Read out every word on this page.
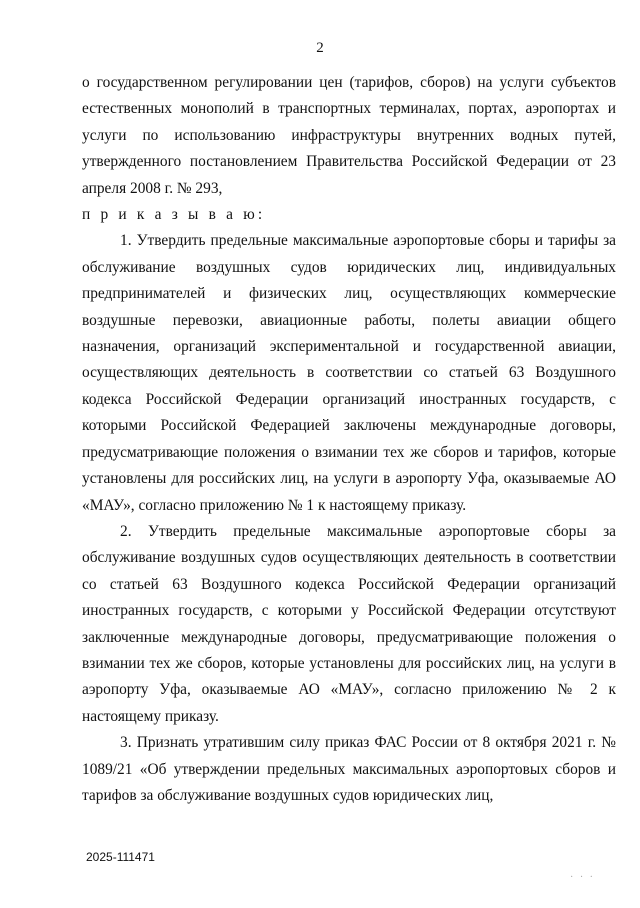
2

о государственном регулировании цен (тарифов, сборов) на услуги субъектов естественных монополий в транспортных терминалах, портах, аэропортах и услуги по использованию инфраструктуры внутренних водных путей, утвержденного постановлением Правительства Российской Федерации от 23 апреля 2008 г. № 293,

п р и к а з ы в а ю:

1. Утвердить предельные максимальные аэропортовые сборы и тарифы за обслуживание воздушных судов юридических лиц, индивидуальных предпринимателей и физических лиц, осуществляющих коммерческие воздушные перевозки, авиационные работы, полеты авиации общего назначения, организаций экспериментальной и государственной авиации, осуществляющих деятельность в соответствии со статьей 63 Воздушного кодекса Российской Федерации организаций иностранных государств, с которыми Российской Федерацией заключены международные договоры, предусматривающие положения о взимании тех же сборов и тарифов, которые установлены для российских лиц, на услуги в аэропорту Уфа, оказываемые АО «МАУ», согласно приложению № 1 к настоящему приказу.

2. Утвердить предельные максимальные аэропортовые сборы за обслуживание воздушных судов осуществляющих деятельность в соответствии со статьей 63 Воздушного кодекса Российской Федерации организаций иностранных государств, с которыми у Российской Федерации отсутствуют заключенные международные договоры, предусматривающие положения о взимании тех же сборов, которые установлены для российских лиц, на услуги в аэропорту Уфа, оказываемые АО «МАУ», согласно приложению № 2 к настоящему приказу.

3. Признать утратившим силу приказ ФАС России от 8 октября 2021 г. № 1089/21 «Об утверждении предельных максимальных аэропортовых сборов и тарифов за обслуживание воздушных судов юридических лиц,

2025-111471
· · ·
